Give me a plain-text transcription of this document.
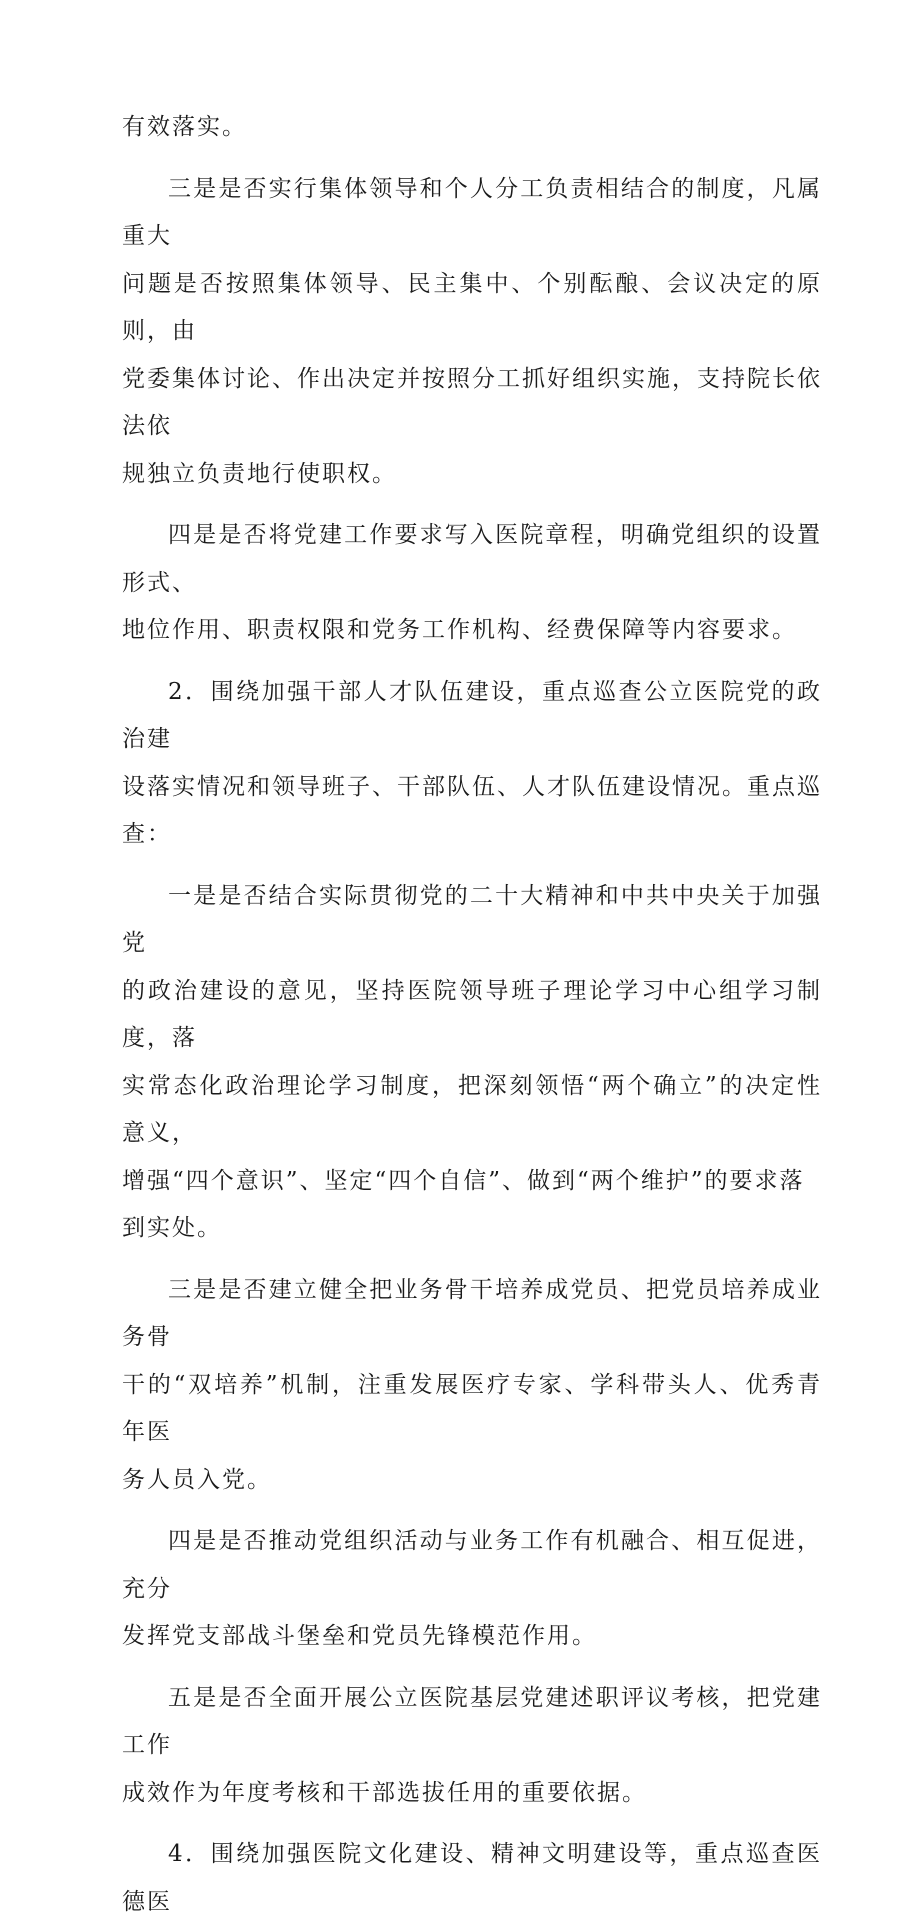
有效落实。

三是是否实行集体领导和个人分工负责相结合的制度，凡属重大
问题是否按照集体领导、民主集中、个别酝酿、会议决定的原则，由
党委集体讨论、作出决定并按照分工抓好组织实施，支持院长依法依
规独立负责地行使职权。

四是是否将党建工作要求写入医院章程，明确党组织的设置形式、
地位作用、职责权限和党务工作机构、经费保障等内容要求。

2．围绕加强干部人才队伍建设，重点巡查公立医院党的政治建
设落实情况和领导班子、干部队伍、人才队伍建设情况。重点巡查：

一是是否结合实际贯彻党的二十大精神和中共中央关于加强党
的政治建设的意见，坚持医院领导班子理论学习中心组学习制度，落
实常态化政治理论学习制度，把深刻领悟“两个确立”的决定性意义，
增强“四个意识”、坚定“四个自信”、做到“两个维护”的要求落
到实处。

三是是否建立健全把业务骨干培养成党员、把党员培养成业务骨
干的“双培养”机制，注重发展医疗专家、学科带头人、优秀青年医
务人员入党。

四是是否推动党组织活动与业务工作有机融合、相互促进，充分
发挥党支部战斗堡垒和党员先锋模范作用。

五是是否全面开展公立医院基层党建述职评议考核，把党建工作
成效作为年度考核和干部选拔任用的重要依据。

4．围绕加强医院文化建设、精神文明建设等，重点巡查医德医
